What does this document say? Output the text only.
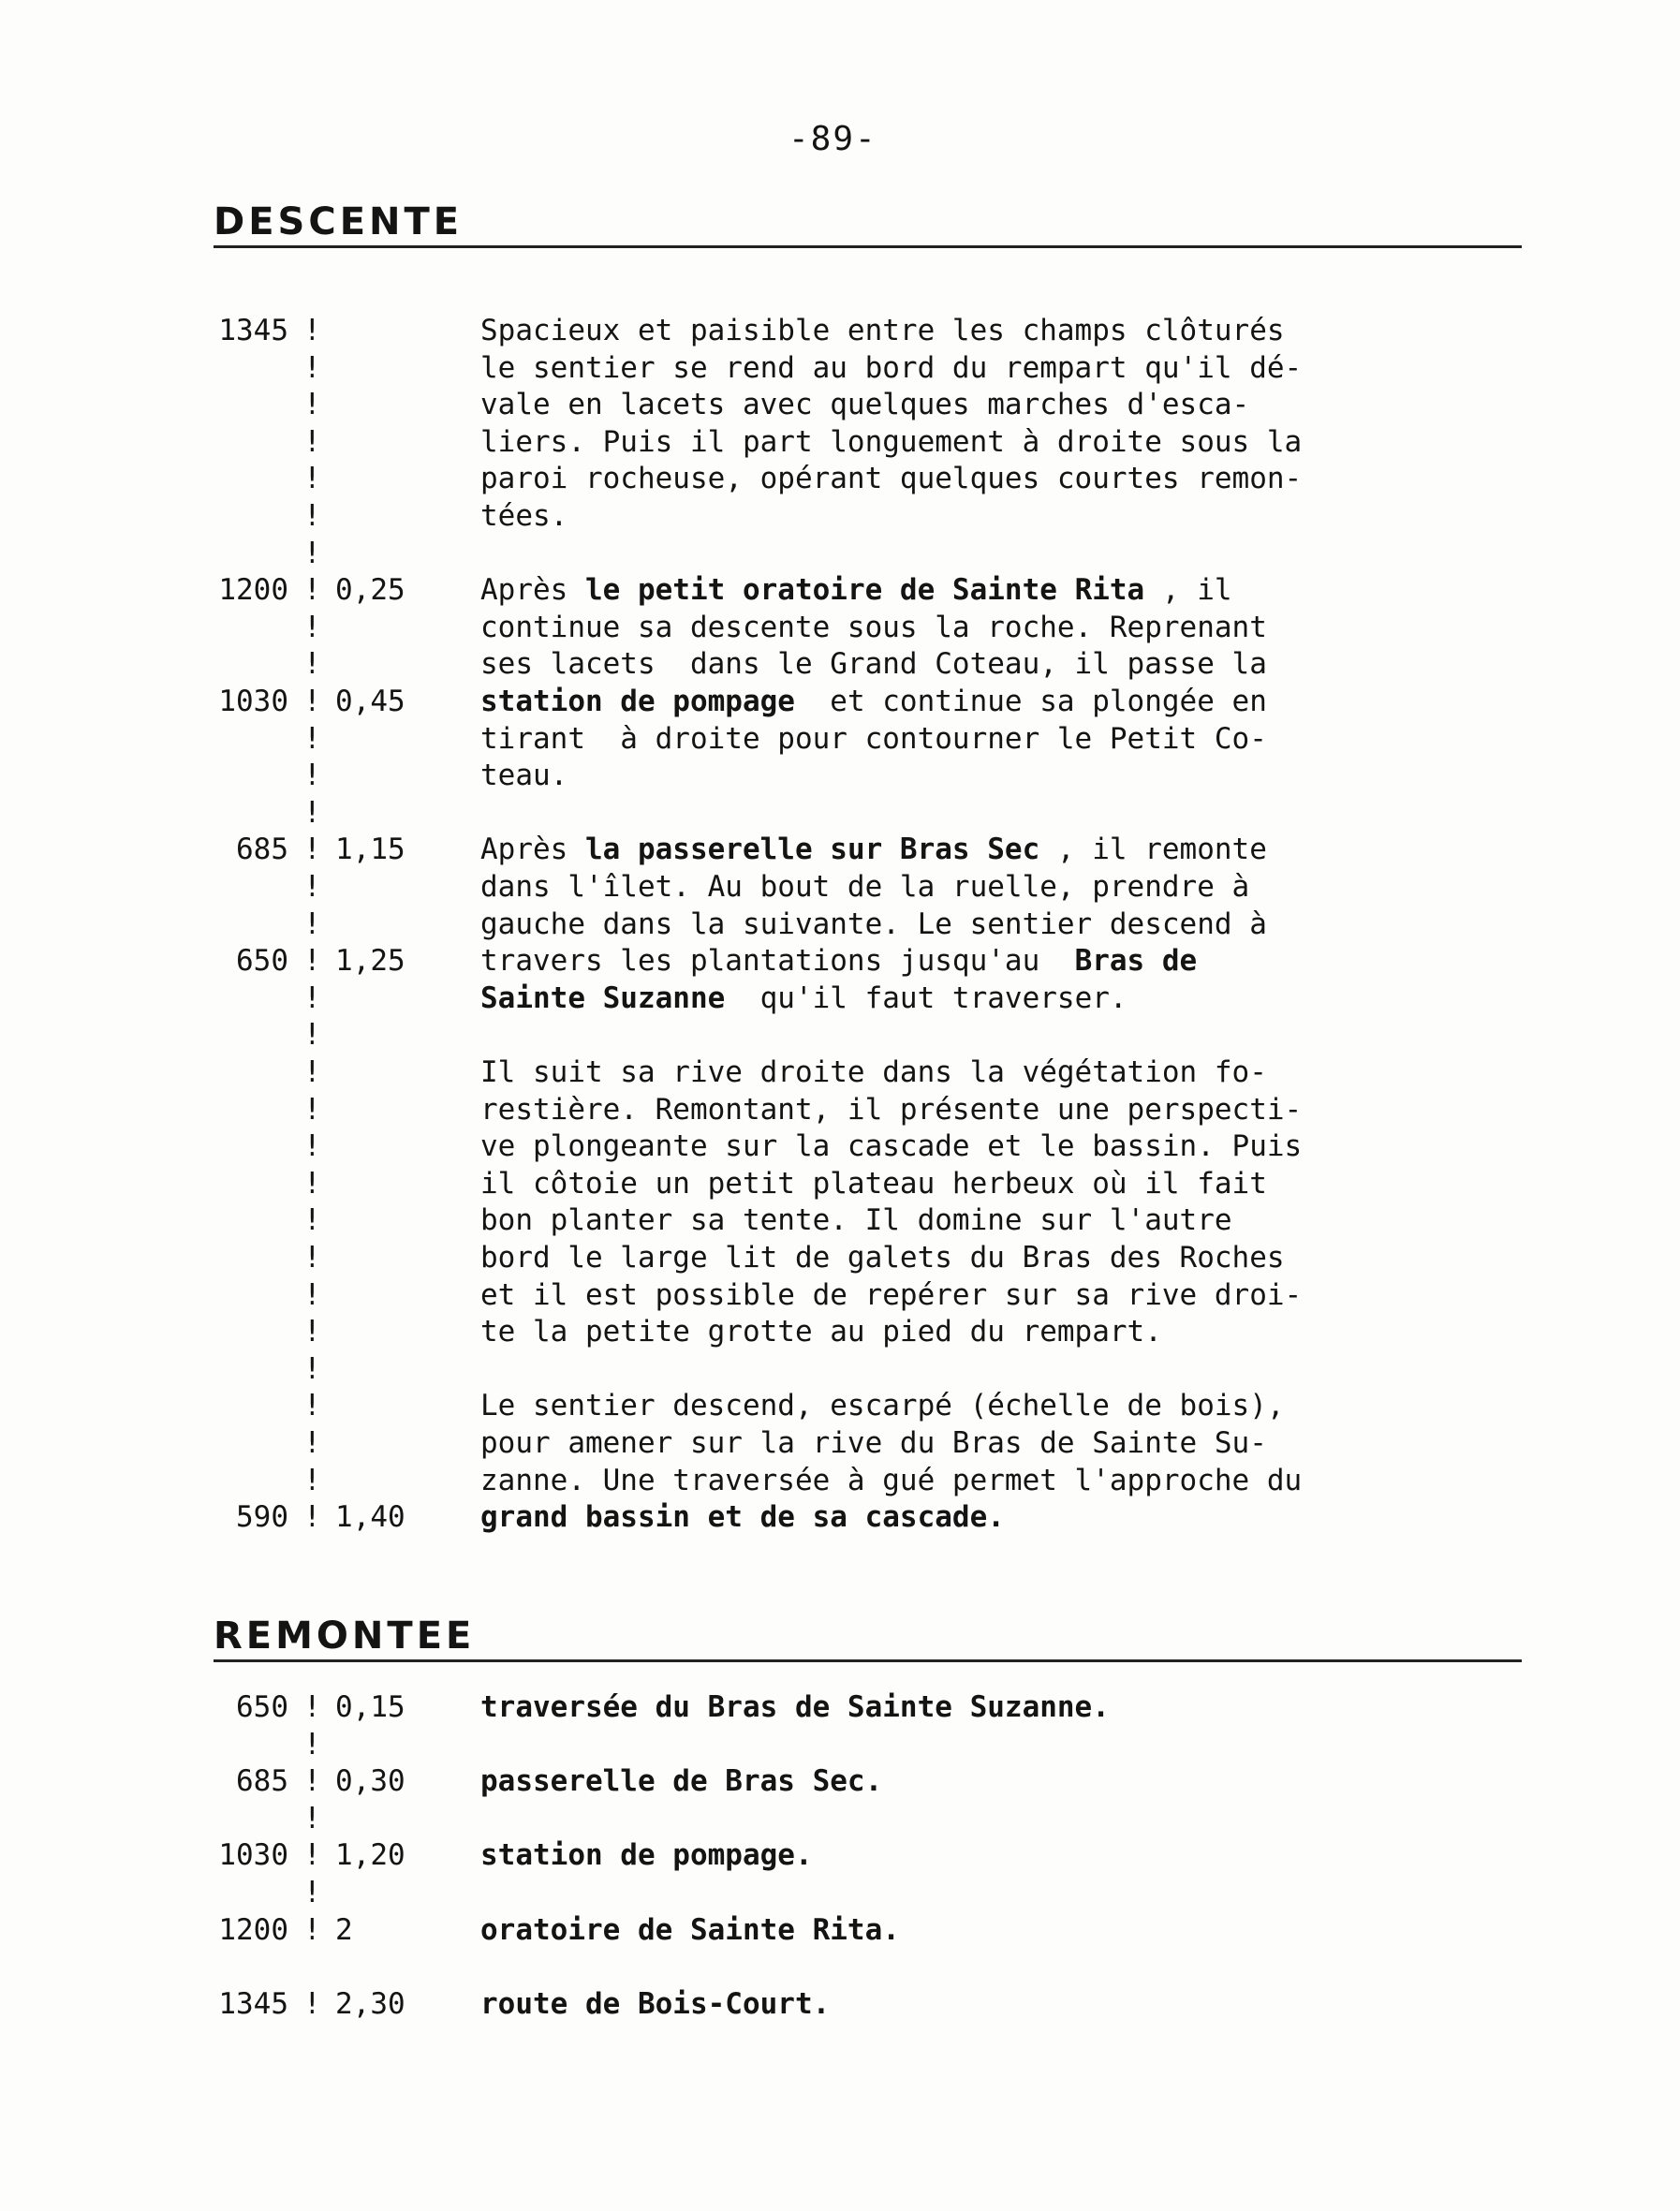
-89-
DESCENTE
1345 !	Spacieux et paisible entre les champs clôturés
!	le sentier se rend au bord du rempart qu'il dé-
!	vale en lacets avec quelques marches d'esca-
!	liers. Puis il part longuement à droite sous la
!	paroi rocheuse, opérant quelques courtes remon-
!	tées.
!
1200 ! 0,25	Après le petit oratoire de Sainte Rita , il
!	continue sa descente sous la roche. Reprenant
!	ses lacets  dans le Grand Coteau, il passe la
1030 ! 0,45	station de pompage  et continue sa plongée en
!	tirant  à droite pour contourner le Petit Co-
!	teau.
!
685 ! 1,15	Après la passerelle sur Bras Sec , il remonte
!	dans l'îlet. Au bout de la ruelle, prendre à
!	gauche dans la suivante. Le sentier descend à
650 ! 1,25	travers les plantations jusqu'au  Bras de
!	Sainte Suzanne  qu'il faut traverser.
!
!	Il suit sa rive droite dans la végétation fo-
!	restière. Remontant, il présente une perspecti-
!	ve plongeante sur la cascade et le bassin. Puis
!	il côtoie un petit plateau herbeux où il fait
!	bon planter sa tente. Il domine sur l'autre
!	bord le large lit de galets du Bras des Roches
!	et il est possible de repérer sur sa rive droi-
!	te la petite grotte au pied du rempart.
!
!	Le sentier descend, escarpé (échelle de bois),
!	pour amener sur la rive du Bras de Sainte Su-
!	zanne. Une traversée à gué permet l'approche du
590 ! 1,40	grand bassin et de sa cascade.
REMONTEE
650 ! 0,15	traversée du Bras de Sainte Suzanne.
!
685 ! 0,30	passerelle de Bras Sec.
!
1030 ! 1,20	station de pompage.
!
1200 ! 2	oratoire de Sainte Rita.
1345 ! 2,30	route de Bois-Court.
